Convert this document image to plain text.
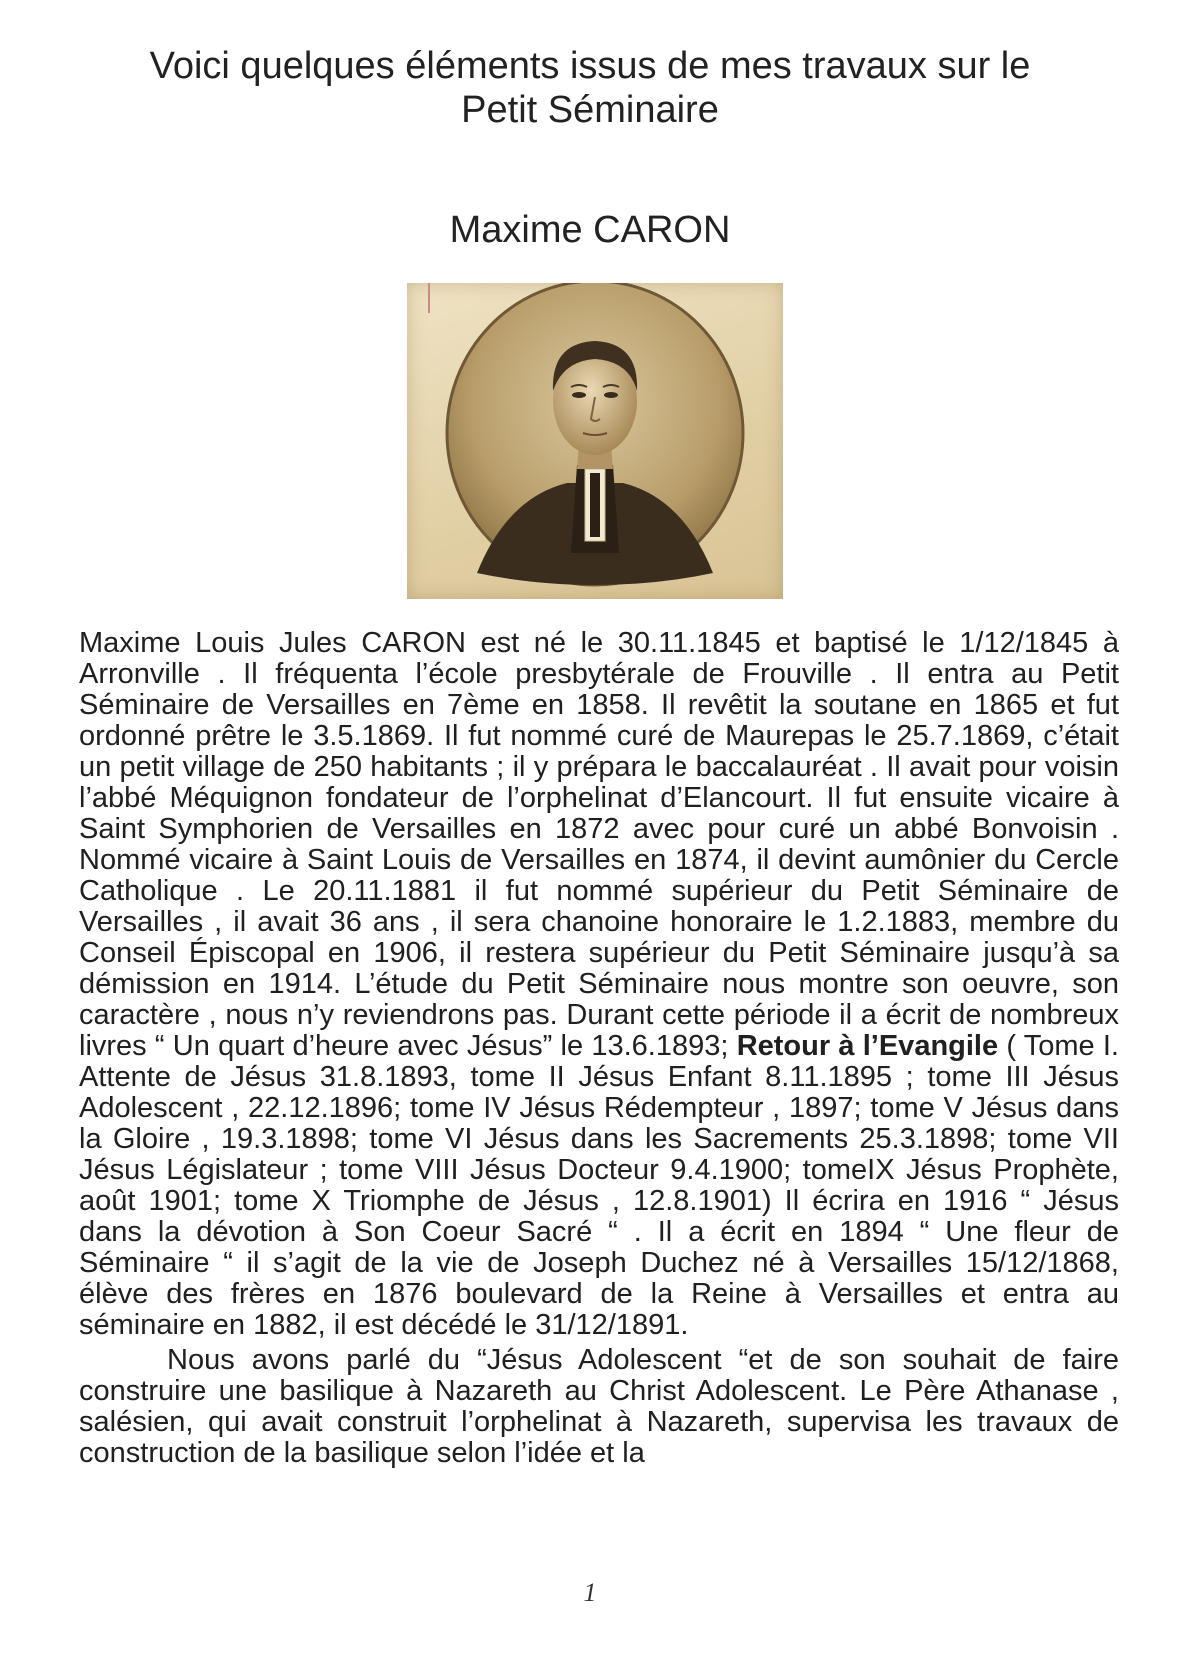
Voici quelques éléments issus de mes travaux sur le
Petit Séminaire
Maxime CARON

Maxime Louis Jules CARON est né le 30.11.1845 et baptisé le 1/12/1845 à Arronville . Il fréquenta l’école presbytérale de Frouville . Il entra au Petit Séminaire de Versailles en 7ème en 1858. Il revêtit la soutane en 1865 et fut ordonné prêtre le 3.5.1869. Il fut nommé curé de Maurepas le 25.7.1869, c’était un petit village de 250 habitants ; il y prépara le baccalauréat . Il avait pour voisin l’abbé Méquignon fondateur de l’orphelinat d’Elancourt. Il fut ensuite vicaire à Saint Symphorien de Versailles en 1872 avec pour curé un abbé Bonvoisin . Nommé vicaire à Saint Louis de Versailles en 1874, il devint aumônier du Cercle Catholique . Le 20.11.1881 il fut nommé supérieur du Petit Séminaire de Versailles , il avait 36 ans , il sera chanoine honoraire le 1.2.1883, membre du Conseil Épiscopal en 1906, il restera supérieur du Petit Séminaire jusqu’à sa démission en 1914. L’étude du Petit Séminaire nous montre son oeuvre, son caractère , nous n’y reviendrons pas. Durant cette période il a écrit de nombreux livres “ Un quart d’heure avec Jésus” le 13.6.1893; Retour à l’Evangile ( Tome I. Attente de Jésus 31.8.1893, tome II Jésus Enfant 8.11.1895 ; tome III Jésus Adolescent , 22.12.1896; tome IV Jésus Rédempteur , 1897; tome V Jésus dans la Gloire , 19.3.1898; tome VI Jésus dans les Sacrements 25.3.1898; tome VII Jésus Législateur ; tome VIII Jésus Docteur 9.4.1900; tomeIX Jésus Prophète, août 1901; tome X Triomphe de Jésus , 12.8.1901) Il écrira en 1916 “ Jésus dans la dévotion à Son Coeur Sacré “ . Il a écrit en 1894 “ Une fleur de Séminaire “ il s’agit de la vie de Joseph Duchez né à Versailles 15/12/1868, élève des frères en 1876 boulevard de la Reine à Versailles et entra au séminaire en 1882, il est décédé le 31/12/1891.

Nous avons parlé du “Jésus Adolescent “et de son souhait de faire construire une basilique à Nazareth au Christ Adolescent. Le Père Athanase , salésien, qui avait construit l’orphelinat à Nazareth, supervisa les travaux de construction de la basilique selon l’idée et la

1
